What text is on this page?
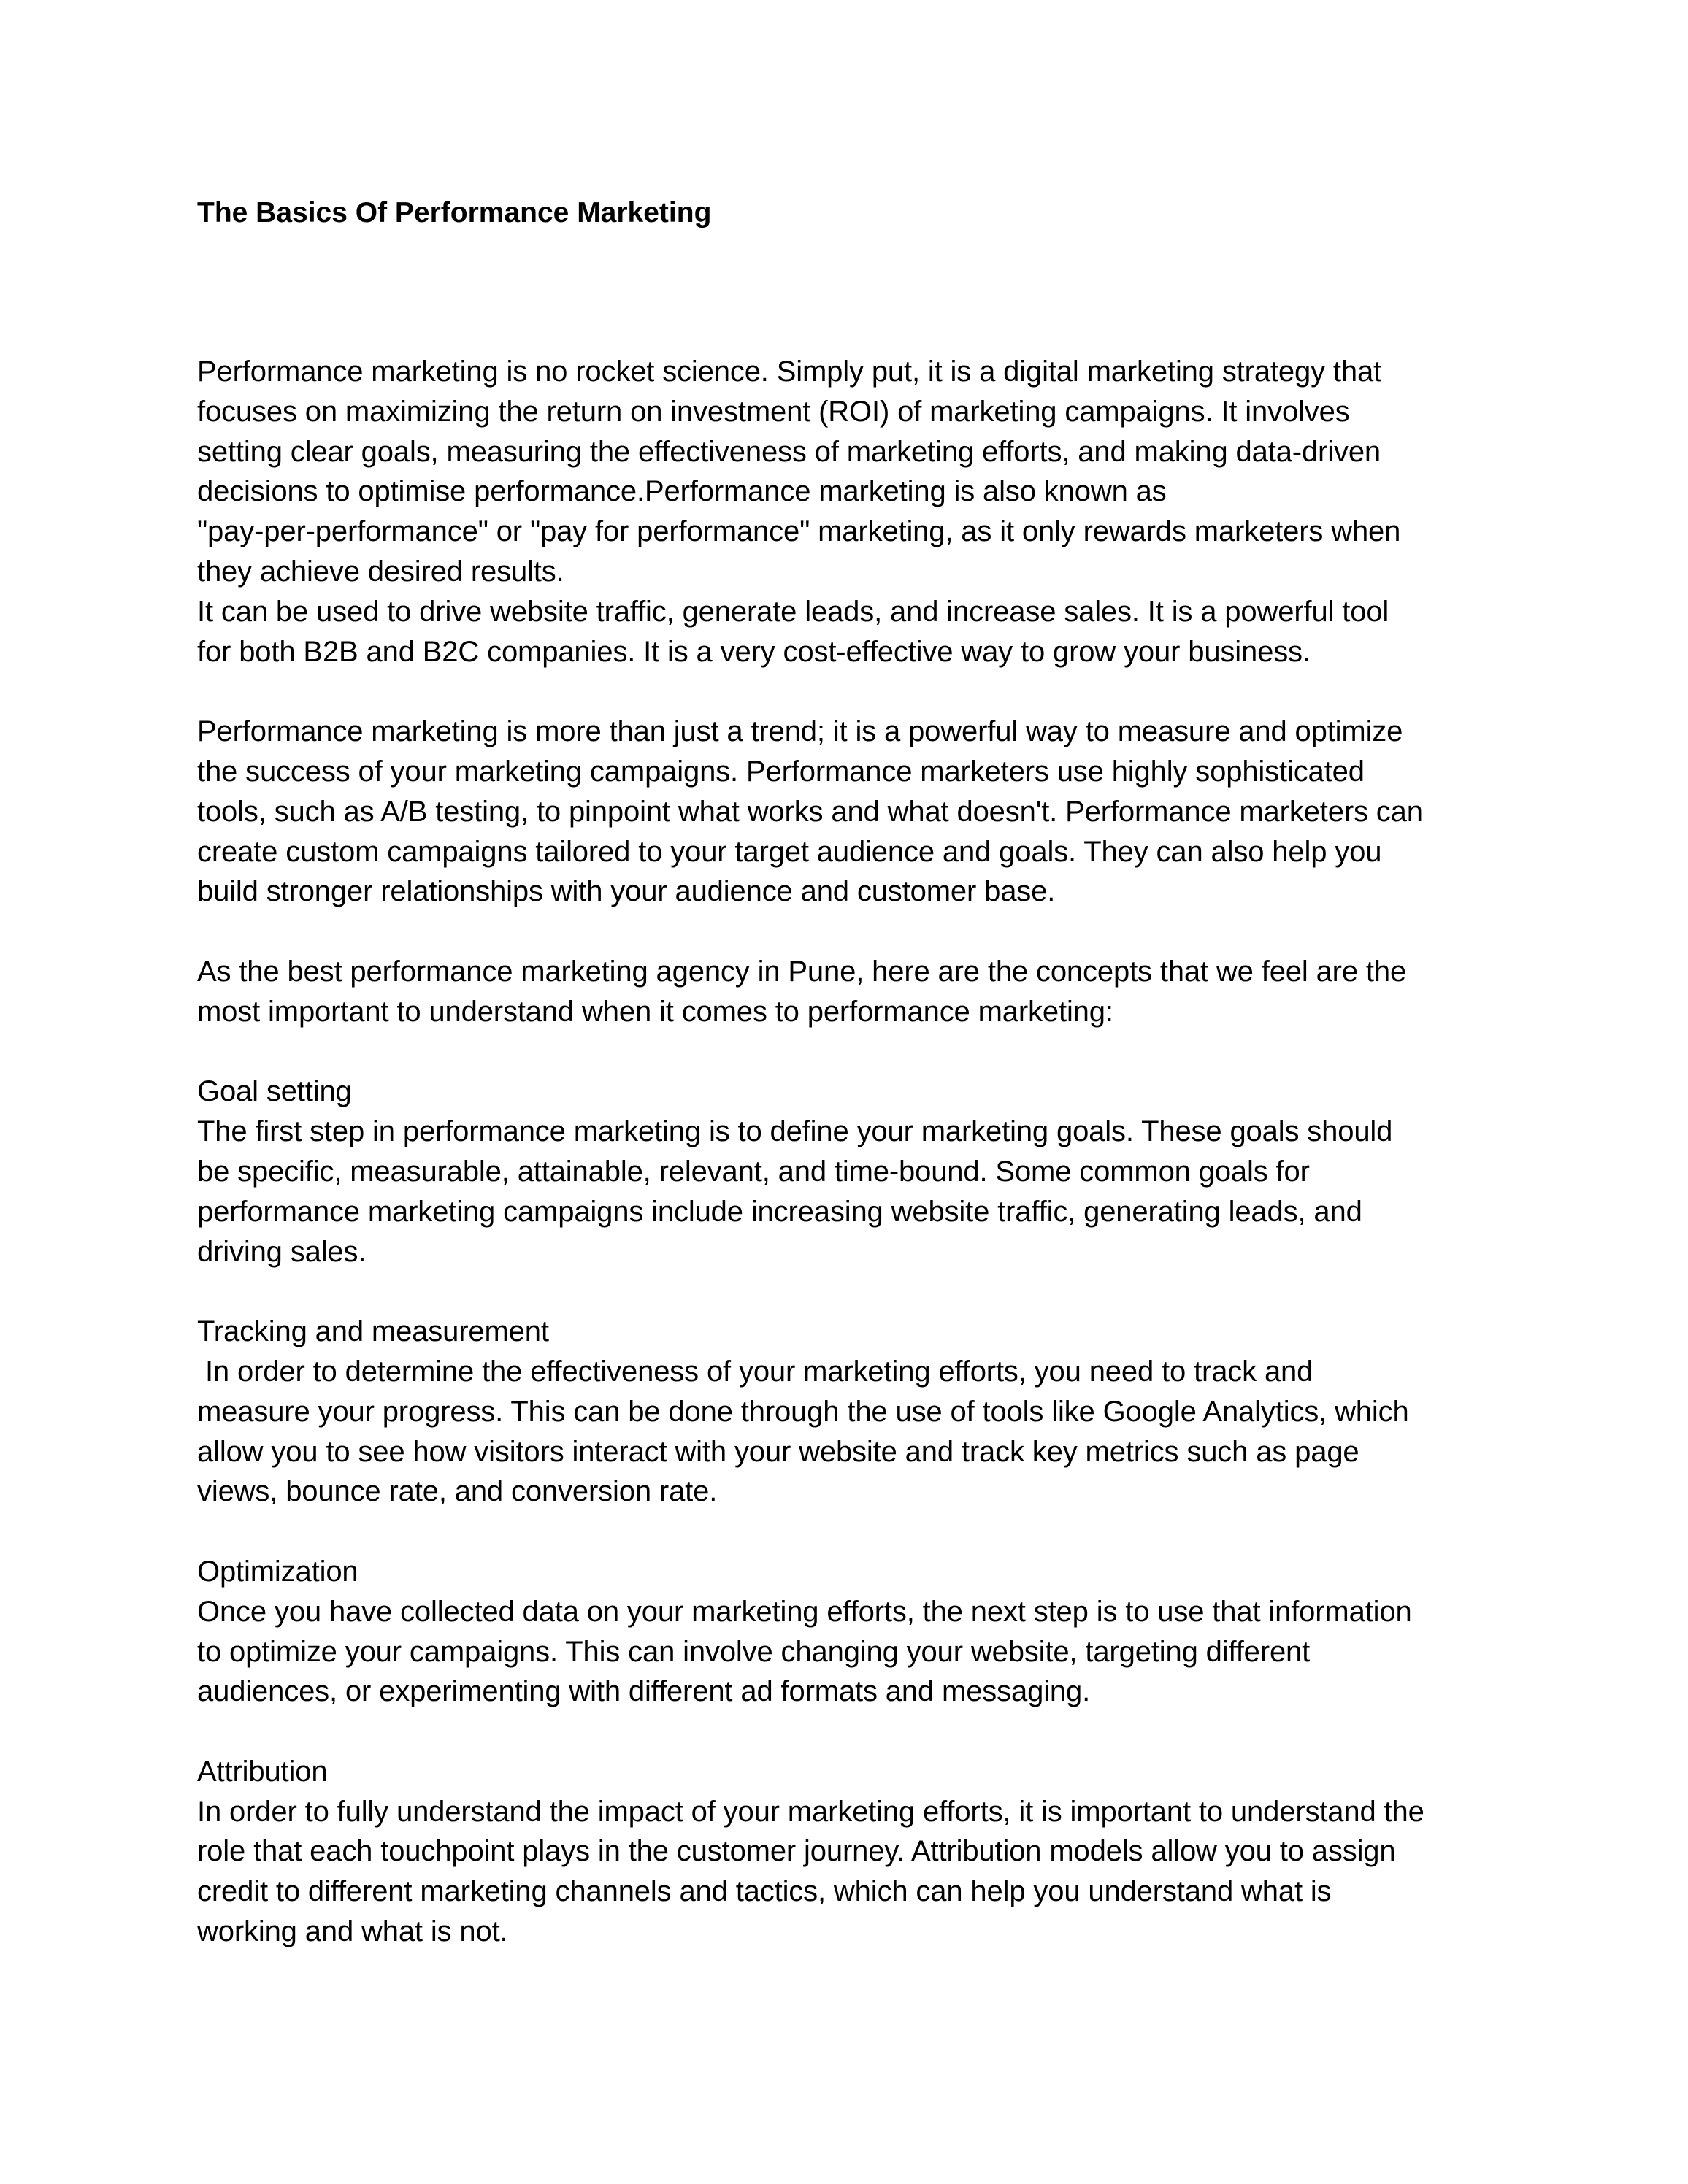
The Basics Of Performance Marketing
Performance marketing is no rocket science. Simply put, it is a digital marketing strategy that
focuses on maximizing the return on investment (ROI) of marketing campaigns. It involves
setting clear goals, measuring the effectiveness of marketing efforts, and making data-driven
decisions to optimise performance.Performance marketing is also known as
"pay-per-performance" or "pay for performance" marketing, as it only rewards marketers when
they achieve desired results.
It can be used to drive website traffic, generate leads, and increase sales. It is a powerful tool
for both B2B and B2C companies. It is a very cost-effective way to grow your business.
Performance marketing is more than just a trend; it is a powerful way to measure and optimize
the success of your marketing campaigns. Performance marketers use highly sophisticated
tools, such as A/B testing, to pinpoint what works and what doesn't. Performance marketers can
create custom campaigns tailored to your target audience and goals. They can also help you
build stronger relationships with your audience and customer base.
As the best performance marketing agency in Pune, here are the concepts that we feel are the
most important to understand when it comes to performance marketing:
Goal setting
The first step in performance marketing is to define your marketing goals. These goals should
be specific, measurable, attainable, relevant, and time-bound. Some common goals for
performance marketing campaigns include increasing website traffic, generating leads, and
driving sales.
Tracking and measurement
In order to determine the effectiveness of your marketing efforts, you need to track and
measure your progress. This can be done through the use of tools like Google Analytics, which
allow you to see how visitors interact with your website and track key metrics such as page
views, bounce rate, and conversion rate.
Optimization
Once you have collected data on your marketing efforts, the next step is to use that information
to optimize your campaigns. This can involve changing your website, targeting different
audiences, or experimenting with different ad formats and messaging.
Attribution
In order to fully understand the impact of your marketing efforts, it is important to understand the
role that each touchpoint plays in the customer journey. Attribution models allow you to assign
credit to different marketing channels and tactics, which can help you understand what is
working and what is not.
